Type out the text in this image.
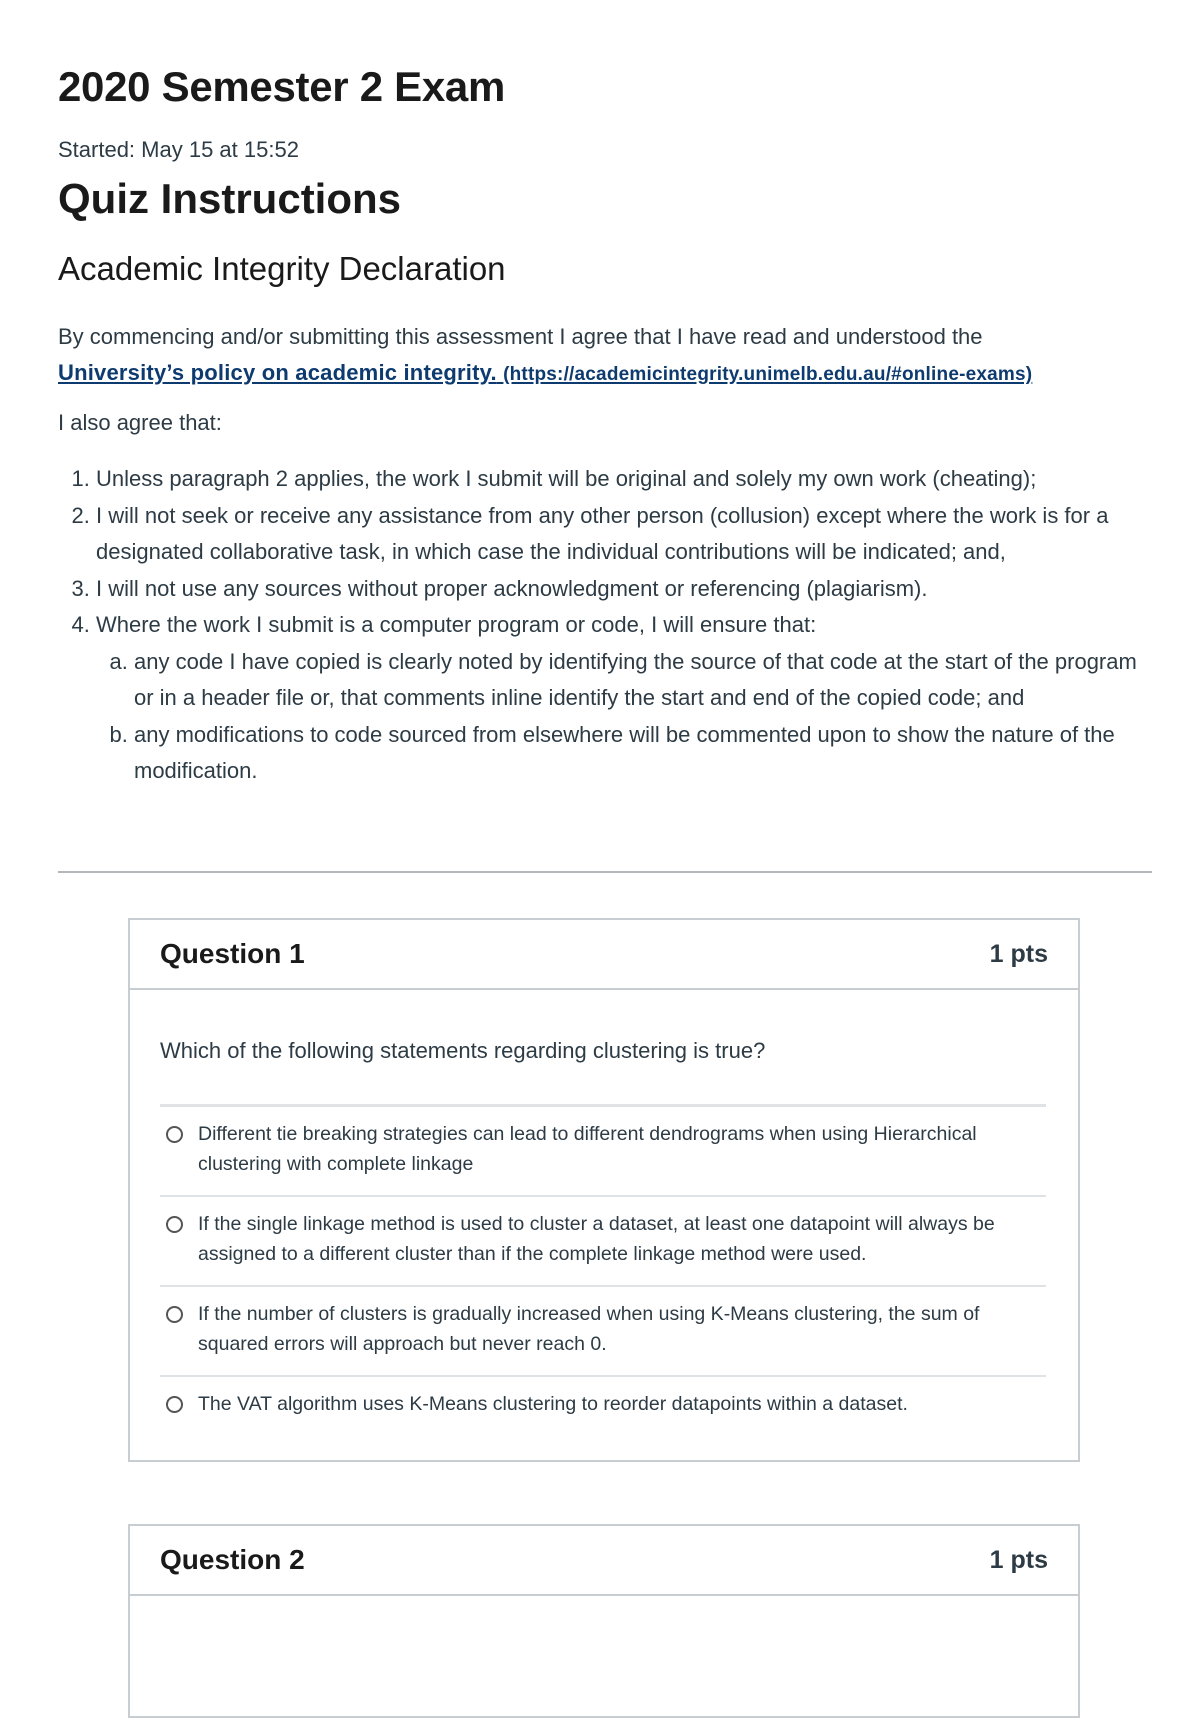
2020 Semester 2 Exam
Started: May 15 at 15:52
Quiz Instructions
Academic Integrity Declaration

By commencing and/or submitting this assessment I agree that I have read and understood the
University’s policy on academic integrity. (https://academicintegrity.unimelb.edu.au/#online-exams)

I also agree that:

1. Unless paragraph 2 applies, the work I submit will be original and solely my own work (cheating);
2. I will not seek or receive any assistance from any other person (collusion) except where the work is for a designated collaborative task, in which case the individual contributions will be indicated; and,
3. I will not use any sources without proper acknowledgment or referencing (plagiarism).
4. Where the work I submit is a computer program or code, I will ensure that:
a. any code I have copied is clearly noted by identifying the source of that code at the start of the program or in a header file or, that comments inline identify the start and end of the copied code; and
b. any modifications to code sourced from elsewhere will be commented upon to show the nature of the modification.
Question 1	1 pts
Which of the following statements regarding clustering is true?
Different tie breaking strategies can lead to different dendrograms when using Hierarchical clustering with complete linkage
If the single linkage method is used to cluster a dataset, at least one datapoint will always be assigned to a different cluster than if the complete linkage method were used.
If the number of clusters is gradually increased when using K-Means clustering, the sum of squared errors will approach but never reach 0.
The VAT algorithm uses K-Means clustering to reorder datapoints within a dataset.
Question 2	1 pts
